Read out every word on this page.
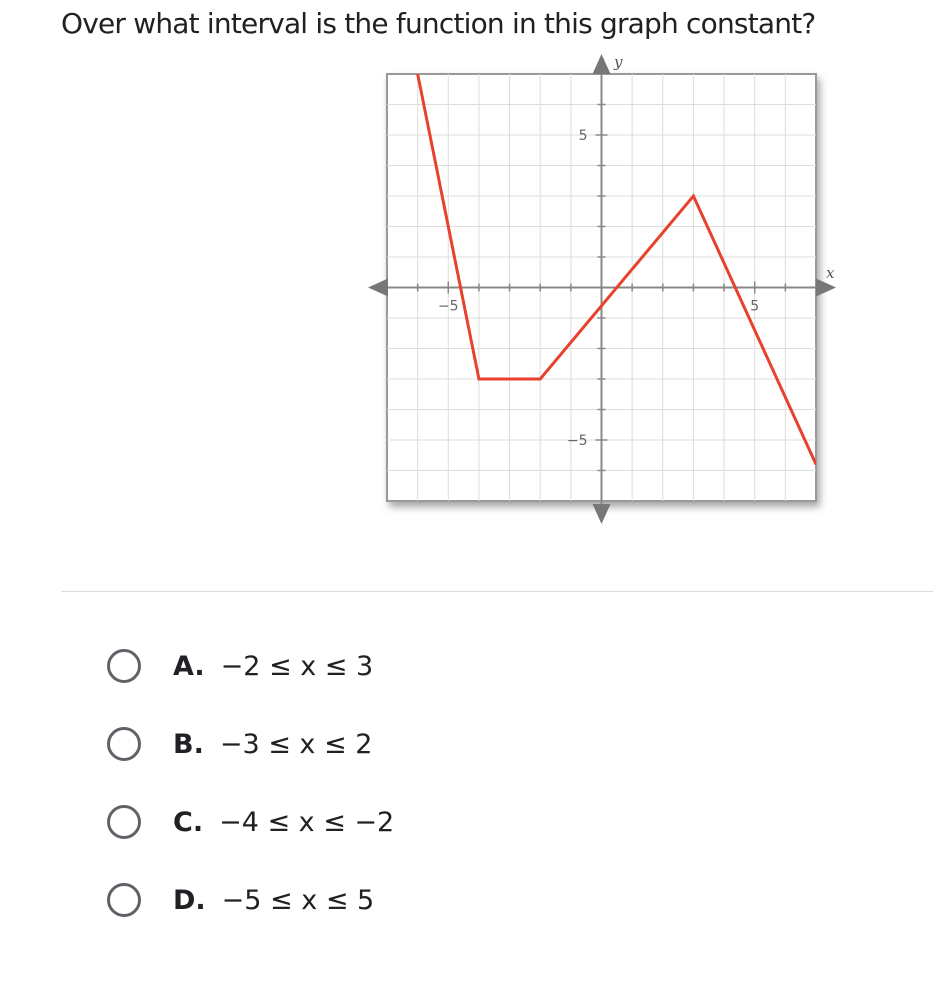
Over what interval is the function in this graph constant?
−5	5
5
−5
x
y
A. −2 ≤ x ≤ 3
B. −3 ≤ x ≤ 2
C. −4 ≤ x ≤ −2
D. −5 ≤ x ≤ 5
